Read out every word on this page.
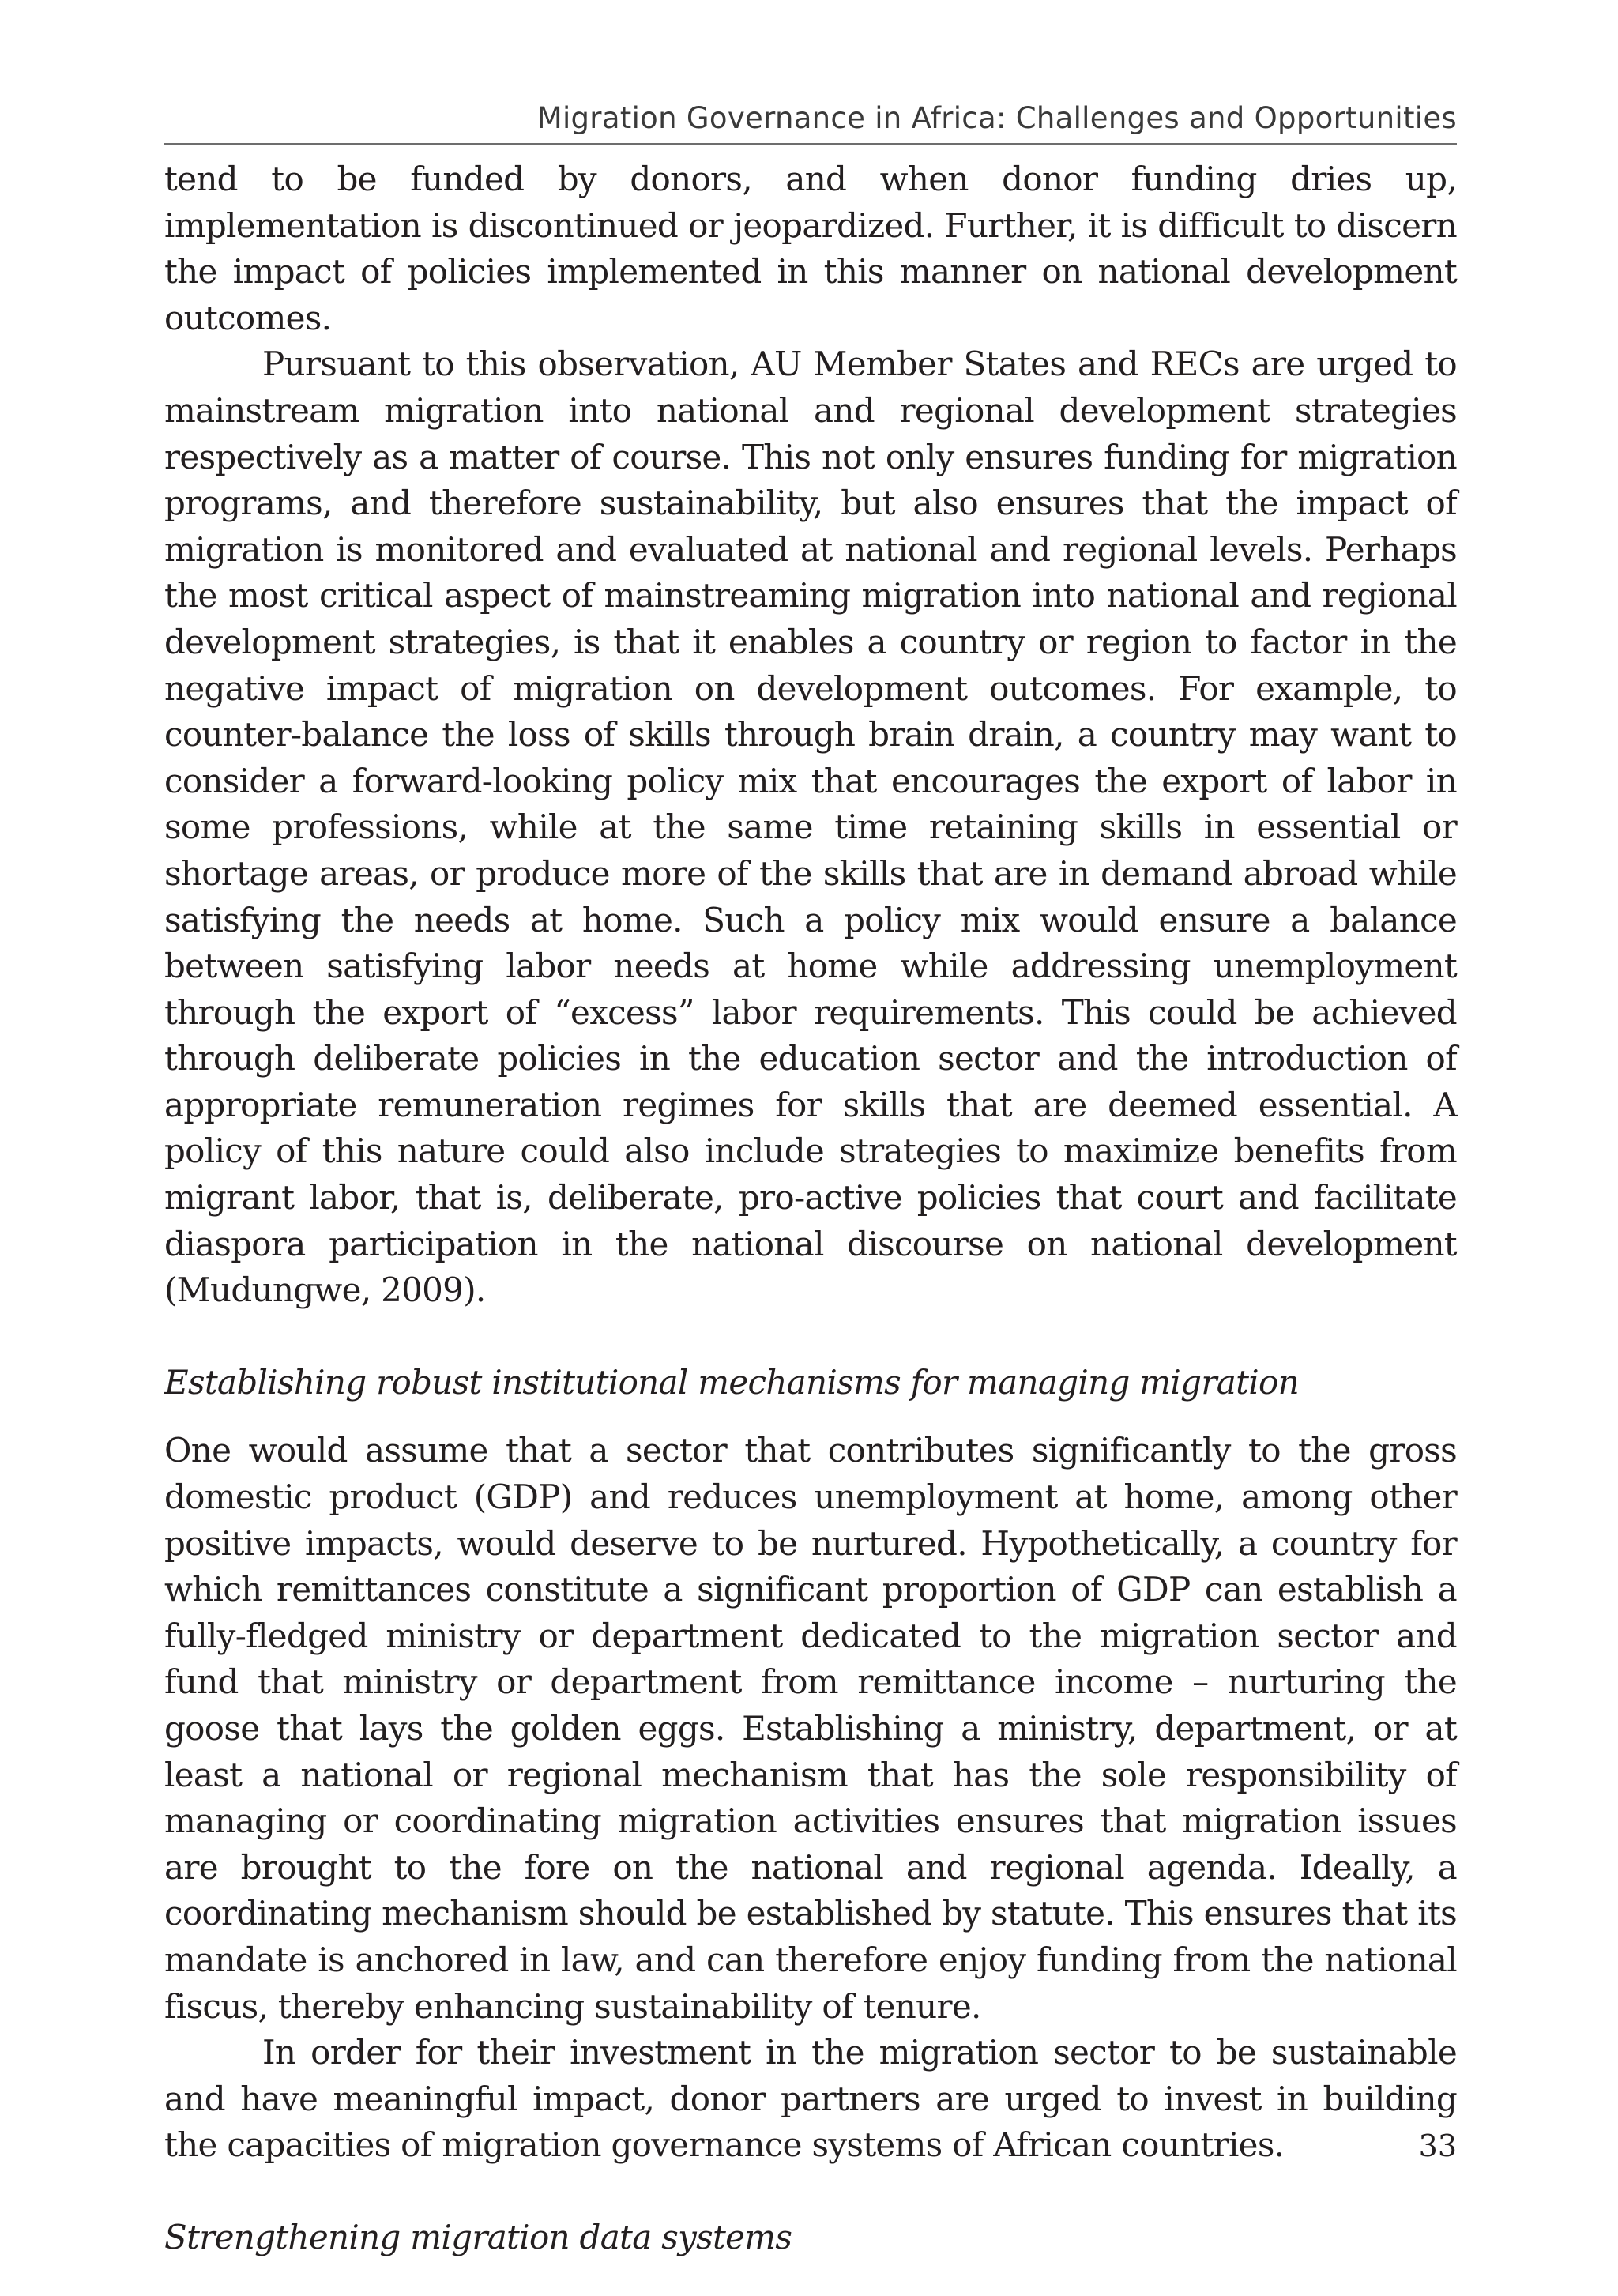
Migration Governance in Africa: Challenges and Opportunities

tend to be funded by donors, and when donor funding dries up, implementation is discontinued or jeopardized. Further, it is difficult to discern the impact of policies implemented in this manner on national development outcomes.

Pursuant to this observation, AU Member States and RECs are urged to mainstream migration into national and regional development strategies respectively as a matter of course. This not only ensures funding for migration programs, and therefore sustainability, but also ensures that the impact of migration is monitored and evaluated at national and regional levels. Perhaps the most critical aspect of mainstreaming migration into national and regional development strategies, is that it enables a country or region to factor in the negative impact of migration on development outcomes. For example, to counter-balance the loss of skills through brain drain, a country may want to consider a forward-looking policy mix that encourages the export of labor in some professions, while at the same time retaining skills in essential or shortage areas, or produce more of the skills that are in demand abroad while satisfying the needs at home. Such a policy mix would ensure a balance between satisfying labor needs at home while addressing unemployment through the export of “excess” labor requirements. This could be achieved through deliberate policies in the education sector and the introduction of appropriate remuneration regimes for skills that are deemed essential. A policy of this nature could also include strategies to maximize benefits from migrant labor, that is, deliberate, pro-active policies that court and facilitate diaspora participation in the national discourse on national development (Mudungwe, 2009).

Establishing robust institutional mechanisms for managing migration

One would assume that a sector that contributes significantly to the gross domestic product (GDP) and reduces unemployment at home, among other positive impacts, would deserve to be nurtured. Hypothetically, a country for which remittances constitute a significant proportion of GDP can establish a fully-fledged ministry or department dedicated to the migration sector and fund that ministry or department from remittance income – nurturing the goose that lays the golden eggs. Establishing a ministry, department, or at least a national or regional mechanism that has the sole responsibility of managing or coordinating migration activities ensures that migration issues are brought to the fore on the national and regional agenda. Ideally, a coordinating mechanism should be established by statute. This ensures that its mandate is anchored in law, and can therefore enjoy funding from the national fiscus, thereby enhancing sustainability of tenure.

In order for their investment in the migration sector to be sustainable and have meaningful impact, donor partners are urged to invest in building the capacities of migration governance systems of African countries.

Strengthening migration data systems
33
